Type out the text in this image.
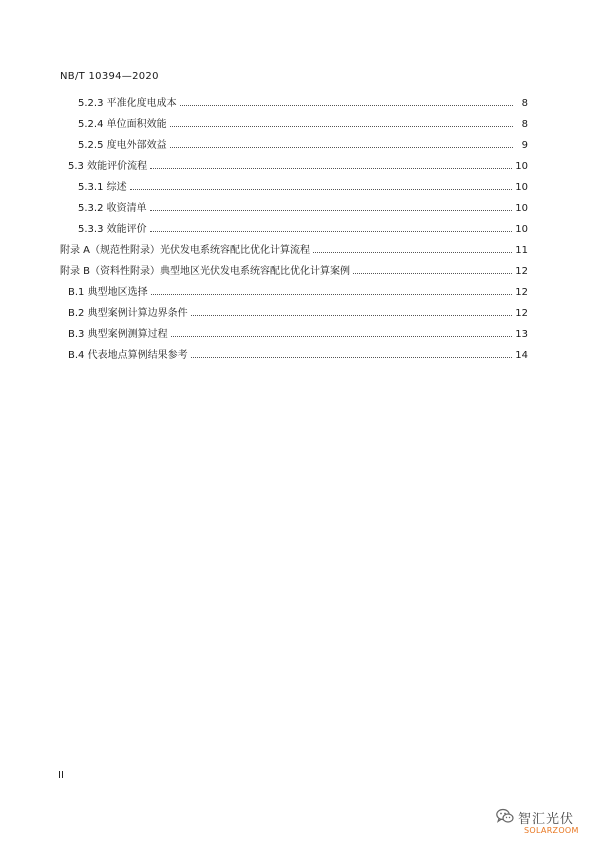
NB/T 10394—2020
5.2.3 平准化度电成本	8
5.2.4 单位面积效能	8
5.2.5 度电外部效益	9
5.3 效能评价流程	10
5.3.1 综述	10
5.3.2 收资清单	10
5.3.3 效能评价	10
附录 A（规范性附录）光伏发电系统容配比优化计算流程	11
附录 B（资料性附录）典型地区光伏发电系统容配比优化计算案例	12
B.1 典型地区选择	12
B.2 典型案例计算边界条件	12
B.3 典型案例测算过程	13
B.4 代表地点算例结果参考	14
II
智汇光伏
SOLARZOOM
